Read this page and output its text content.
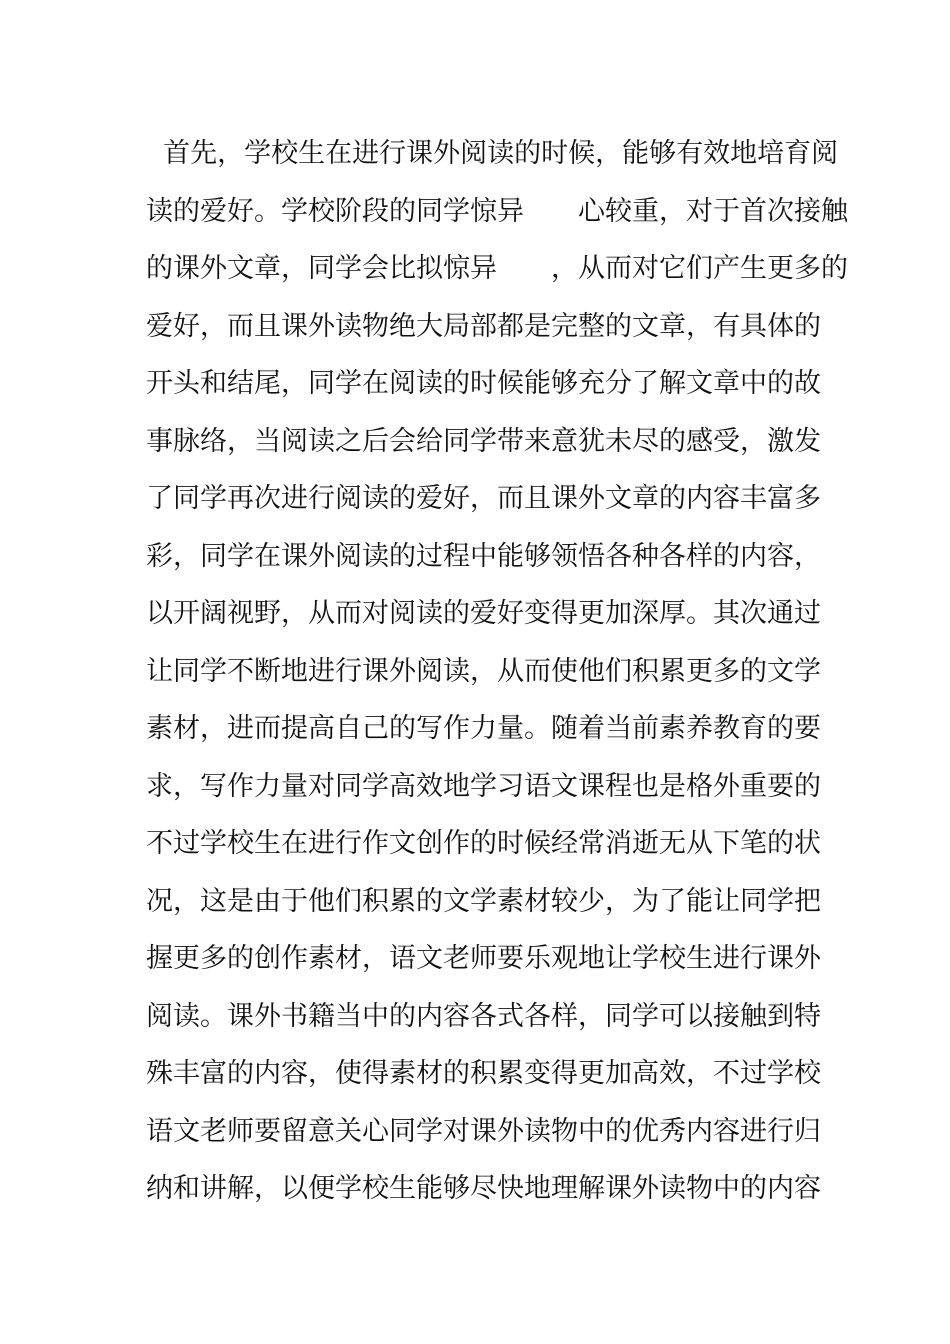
首先，学校生在进行课外阅读的时候，能够有效地培育阅
读的爱好。学校阶段的同学惊异　　心较重，对于首次接触
的课外文章，同学会比拟惊异　　，从而对它们产生更多的
爱好，而且课外读物绝大局部都是完整的文章，有具体的
开头和结尾，同学在阅读的时候能够充分了解文章中的故
事脉络，当阅读之后会给同学带来意犹未尽的感受，激发
了同学再次进行阅读的爱好，而且课外文章的内容丰富多
彩，同学在课外阅读的过程中能够领悟各种各样的内容，
以开阔视野，从而对阅读的爱好变得更加深厚。其次通过
让同学不断地进行课外阅读，从而使他们积累更多的文学
素材，进而提高自己的写作力量。随着当前素养教育的要
求，写作力量对同学高效地学习语文课程也是格外重要的
不过学校生在进行作文创作的时候经常消逝无从下笔的状
况，这是由于他们积累的文学素材较少，为了能让同学把
握更多的创作素材，语文老师要乐观地让学校生进行课外
阅读。课外书籍当中的内容各式各样，同学可以接触到特
殊丰富的内容，使得素材的积累变得更加高效，不过学校
语文老师要留意关心同学对课外读物中的优秀内容进行归
纳和讲解，以便学校生能够尽快地理解课外读物中的内容
